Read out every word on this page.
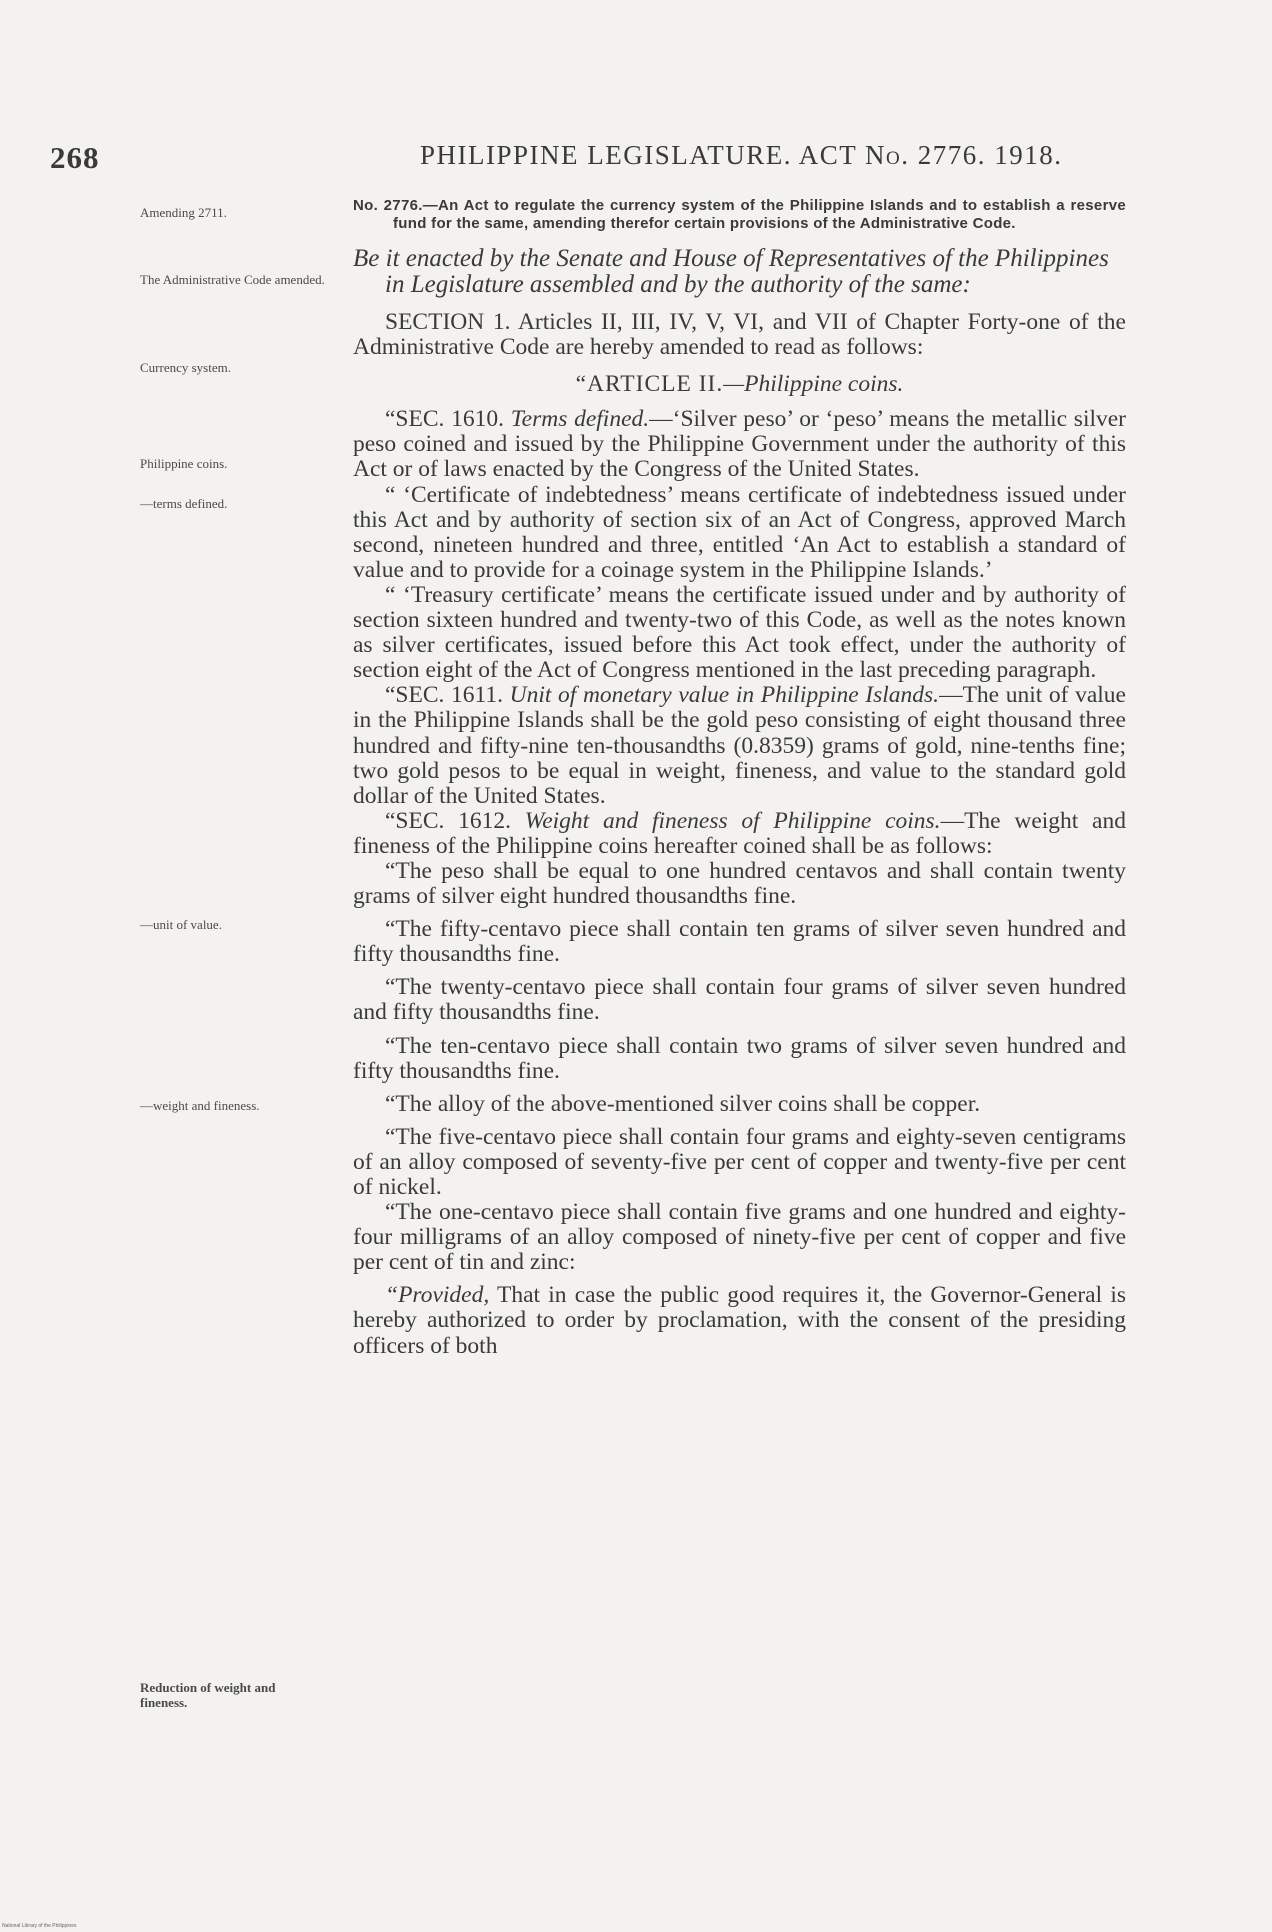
268	PHILIPPINE LEGISLATURE. ACT No. 2776. 1918.
Amending 2711.
The Administrative Code amended.
Currency system.
Philippine coins.
—terms defined.
—unit of value.
—weight and fineness.
Reduction of weight and fineness.

No. 2776.—An Act to regulate the currency system of the Philippine Islands and to establish a reserve fund for the same, amending therefor certain provisions of the Administrative Code.

Be it enacted by the Senate and House of Representatives of the Philippines in Legislature assembled and by the authority of the same:

SECTION 1. Articles II, III, IV, V, VI, and VII of Chapter Forty-one of the Administrative Code are hereby amended to read as follows:

“ARTICLE II.—Philippine coins.

“SEC. 1610. Terms defined.—‘Silver peso’ or ‘peso’ means the metallic silver peso coined and issued by the Philippine Government under the authority of this Act or of laws enacted by the Congress of the United States.

“ ‘Certificate of indebtedness’ means certificate of indebtedness issued under this Act and by authority of section six of an Act of Congress, approved March second, nineteen hundred and three, entitled ‘An Act to establish a standard of value and to provide for a coinage system in the Philippine Islands.’

“ ‘Treasury certificate’ means the certificate issued under and by authority of section sixteen hundred and twenty-two of this Code, as well as the notes known as silver certificates, issued before this Act took effect, under the authority of section eight of the Act of Congress mentioned in the last preceding paragraph.

“SEC. 1611. Unit of monetary value in Philippine Islands.—The unit of value in the Philippine Islands shall be the gold peso consisting of eight thousand three hundred and fifty-nine ten-thousandths (0.8359) grams of gold, nine-tenths fine; two gold pesos to be equal in weight, fineness, and value to the standard gold dollar of the United States.

“SEC. 1612. Weight and fineness of Philippine coins.—The weight and fineness of the Philippine coins hereafter coined shall be as follows:

“The peso shall be equal to one hundred centavos and shall contain twenty grams of silver eight hundred thousandths fine.

“The fifty-centavo piece shall contain ten grams of silver seven hundred and fifty thousandths fine.

“The twenty-centavo piece shall contain four grams of silver seven hundred and fifty thousandths fine.

“The ten-centavo piece shall contain two grams of silver seven hundred and fifty thousandths fine.

“The alloy of the above-mentioned silver coins shall be copper.

“The five-centavo piece shall contain four grams and eighty-seven centigrams of an alloy composed of seventy-five per cent of copper and twenty-five per cent of nickel.

“The one-centavo piece shall contain five grams and one hundred and eighty-four milligrams of an alloy composed of ninety-five per cent of copper and five per cent of tin and zinc:

“Provided, That in case the public good requires it, the Governor-General is hereby authorized to order by proclamation, with the consent of the presiding officers of both

National Library of the Philippines
